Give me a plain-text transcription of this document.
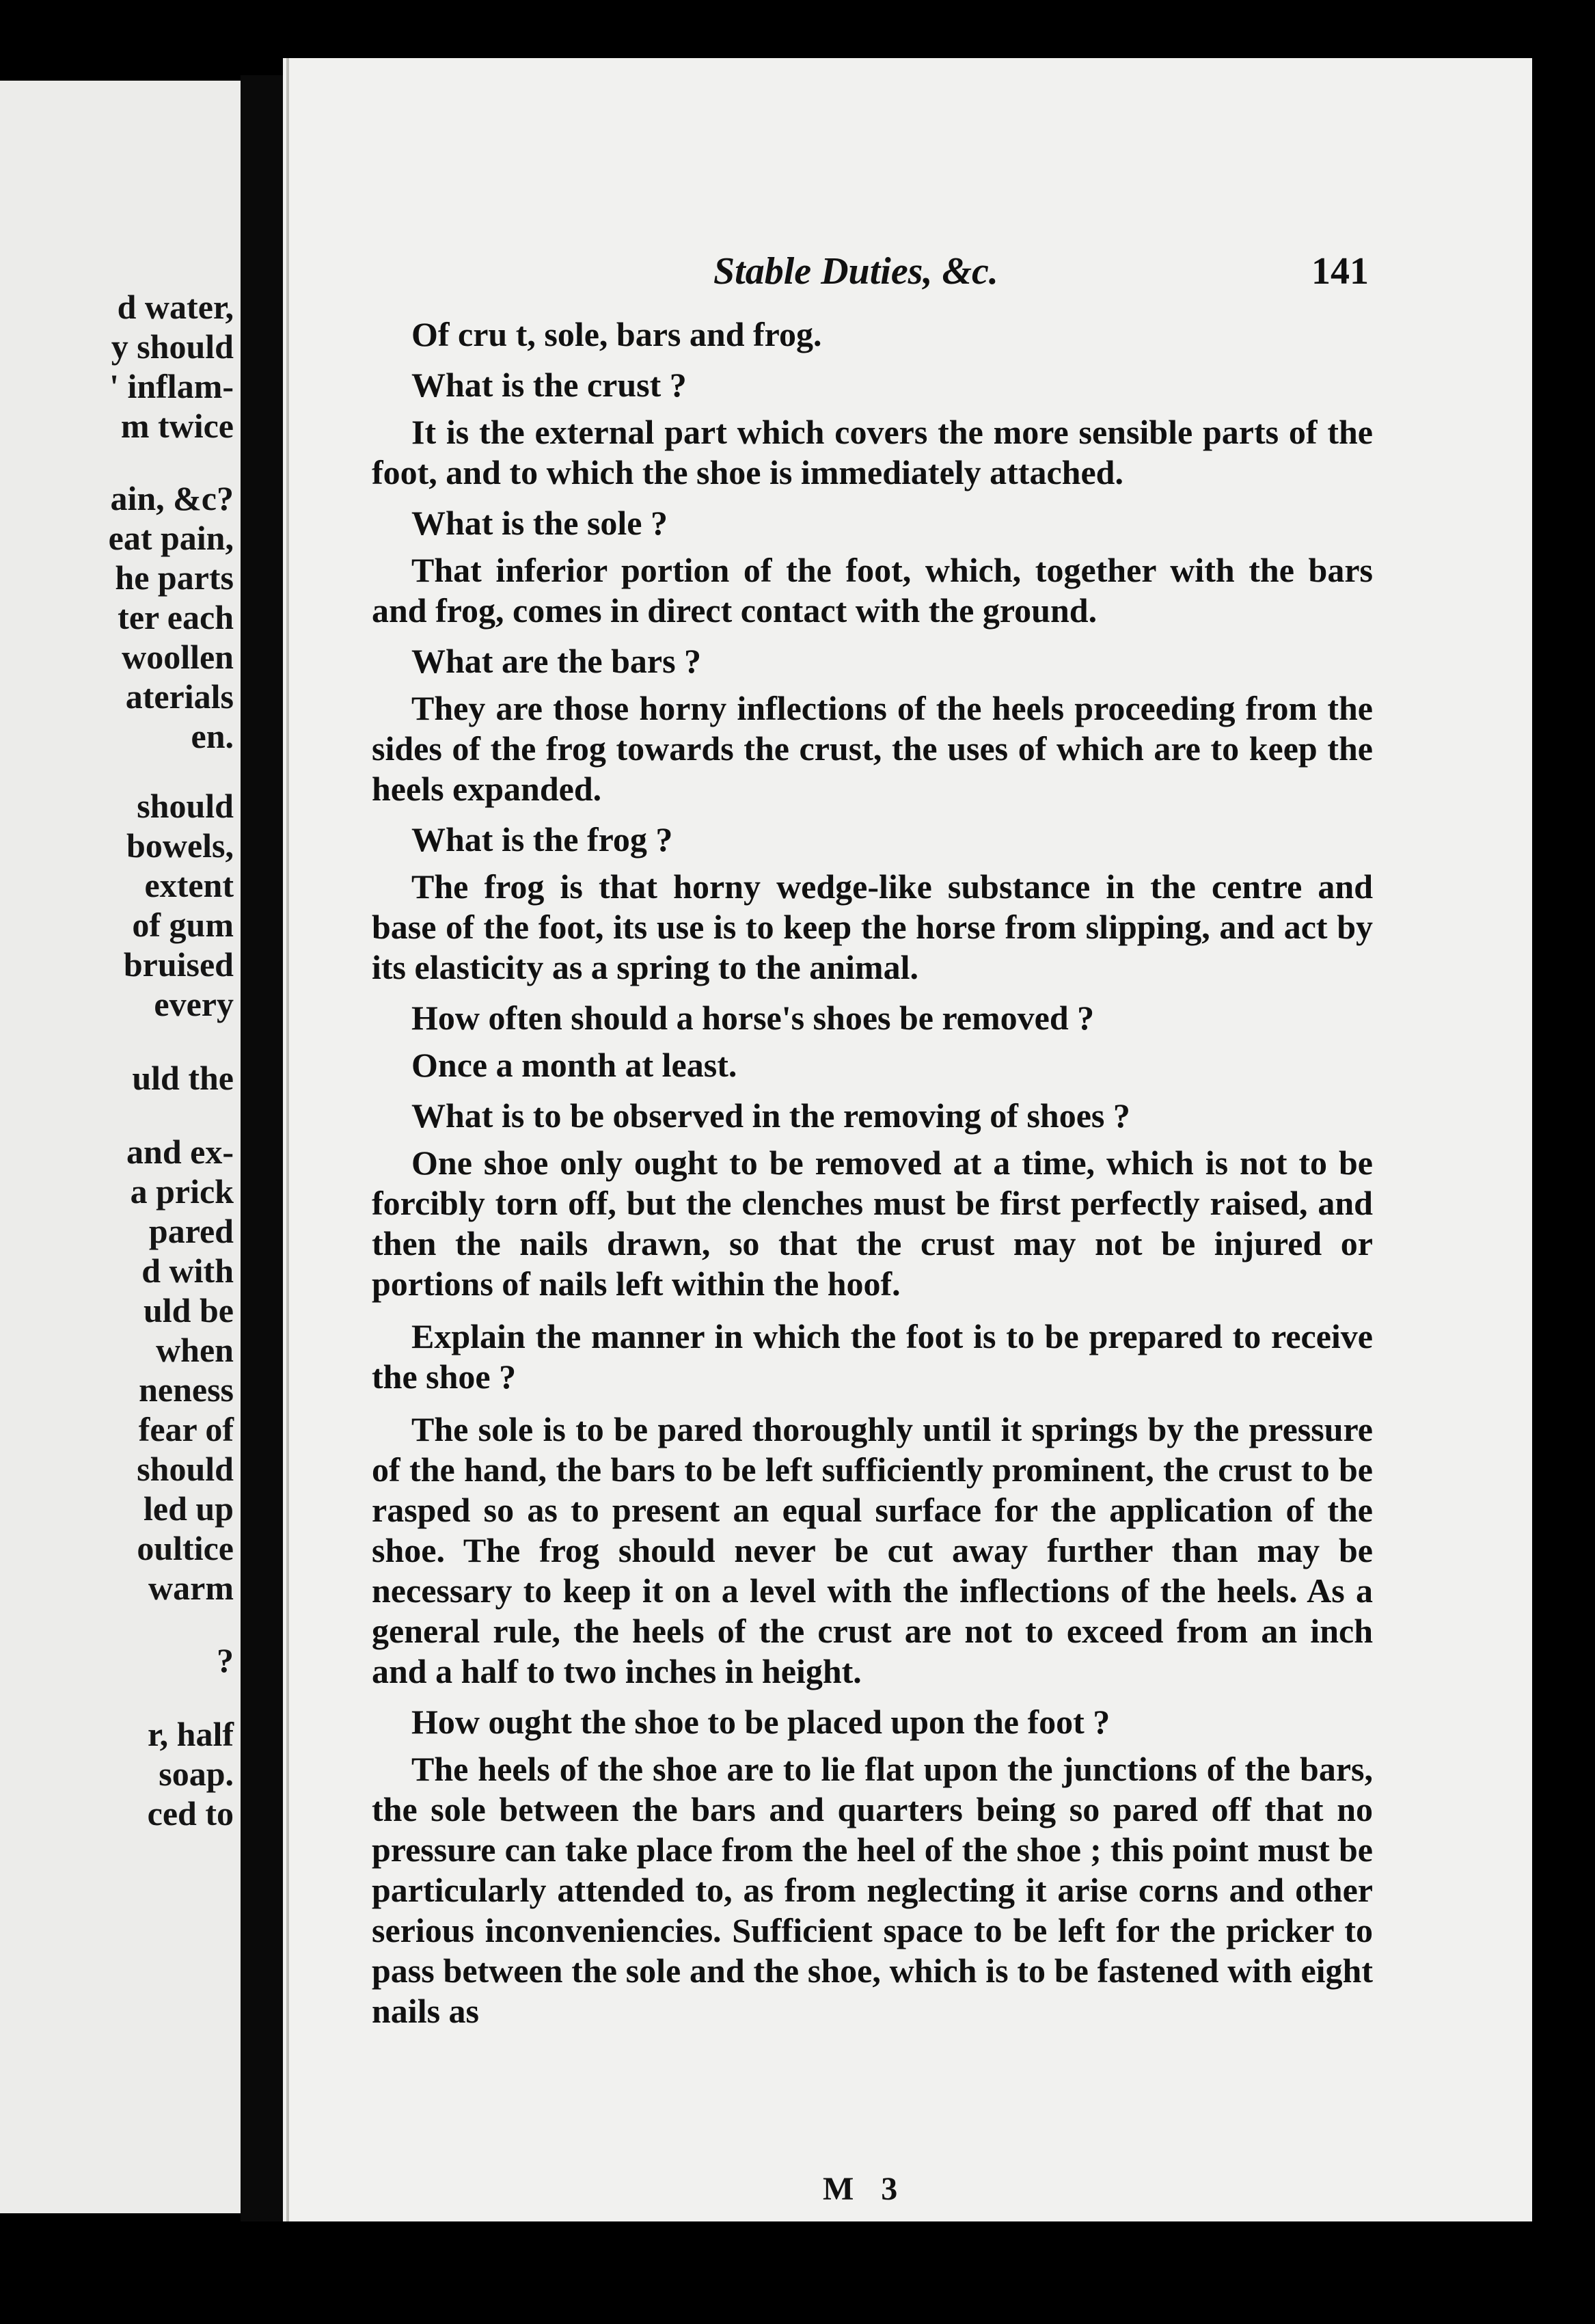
d water,
y should
' inflam-
m twice
ain, &c?
eat pain,
he parts
ter each
woollen
aterials
en.
should
bowels,
extent
of gum
bruised
every
uld the
and ex-
a prick
pared
d with
uld be
when
neness
fear of
should
led up
oultice
warm
?
r, half
soap.
ced to
Stable Duties, &c.	141

Of cru t, sole, bars and frog.

What is the crust ?

It is the external part which covers the more sensible parts of the foot, and to which the shoe is immediately attached.

What is the sole ?

That inferior portion of the foot, which, together with the bars and frog, comes in direct contact with the ground.

What are the bars ?

They are those horny inflections of the heels proceeding from the sides of the frog towards the crust, the uses of which are to keep the heels expanded.

What is the frog ?

The frog is that horny wedge-like substance in the centre and base of the foot, its use is to keep the horse from slipping, and act by its elasticity as a spring to the animal.

How often should a horse's shoes be removed ?

Once a month at least.

What is to be observed in the removing of shoes ?

One shoe only ought to be removed at a time, which is not to be forcibly torn off, but the clenches must be first perfectly raised, and then the nails drawn, so that the crust may not be injured or portions of nails left within the hoof.

Explain the manner in which the foot is to be prepared to receive the shoe ?

The sole is to be pared thoroughly until it springs by the pressure of the hand, the bars to be left sufficiently prominent, the crust to be rasped so as to present an equal surface for the application of the shoe. The frog should never be cut away further than may be necessary to keep it on a level with the inflections of the heels. As a general rule, the heels of the crust are not to exceed from an inch and a half to two inches in height.

How ought the shoe to be placed upon the foot ?

The heels of the shoe are to lie flat upon the junctions of the bars, the sole between the bars and quarters being so pared off that no pressure can take place from the heel of the shoe ; this point must be particularly attended to, as from neglecting it arise corns and other serious inconveniencies. Sufficient space to be left for the pricker to pass between the sole and the shoe, which is to be fastened with eight nails as

M 3
